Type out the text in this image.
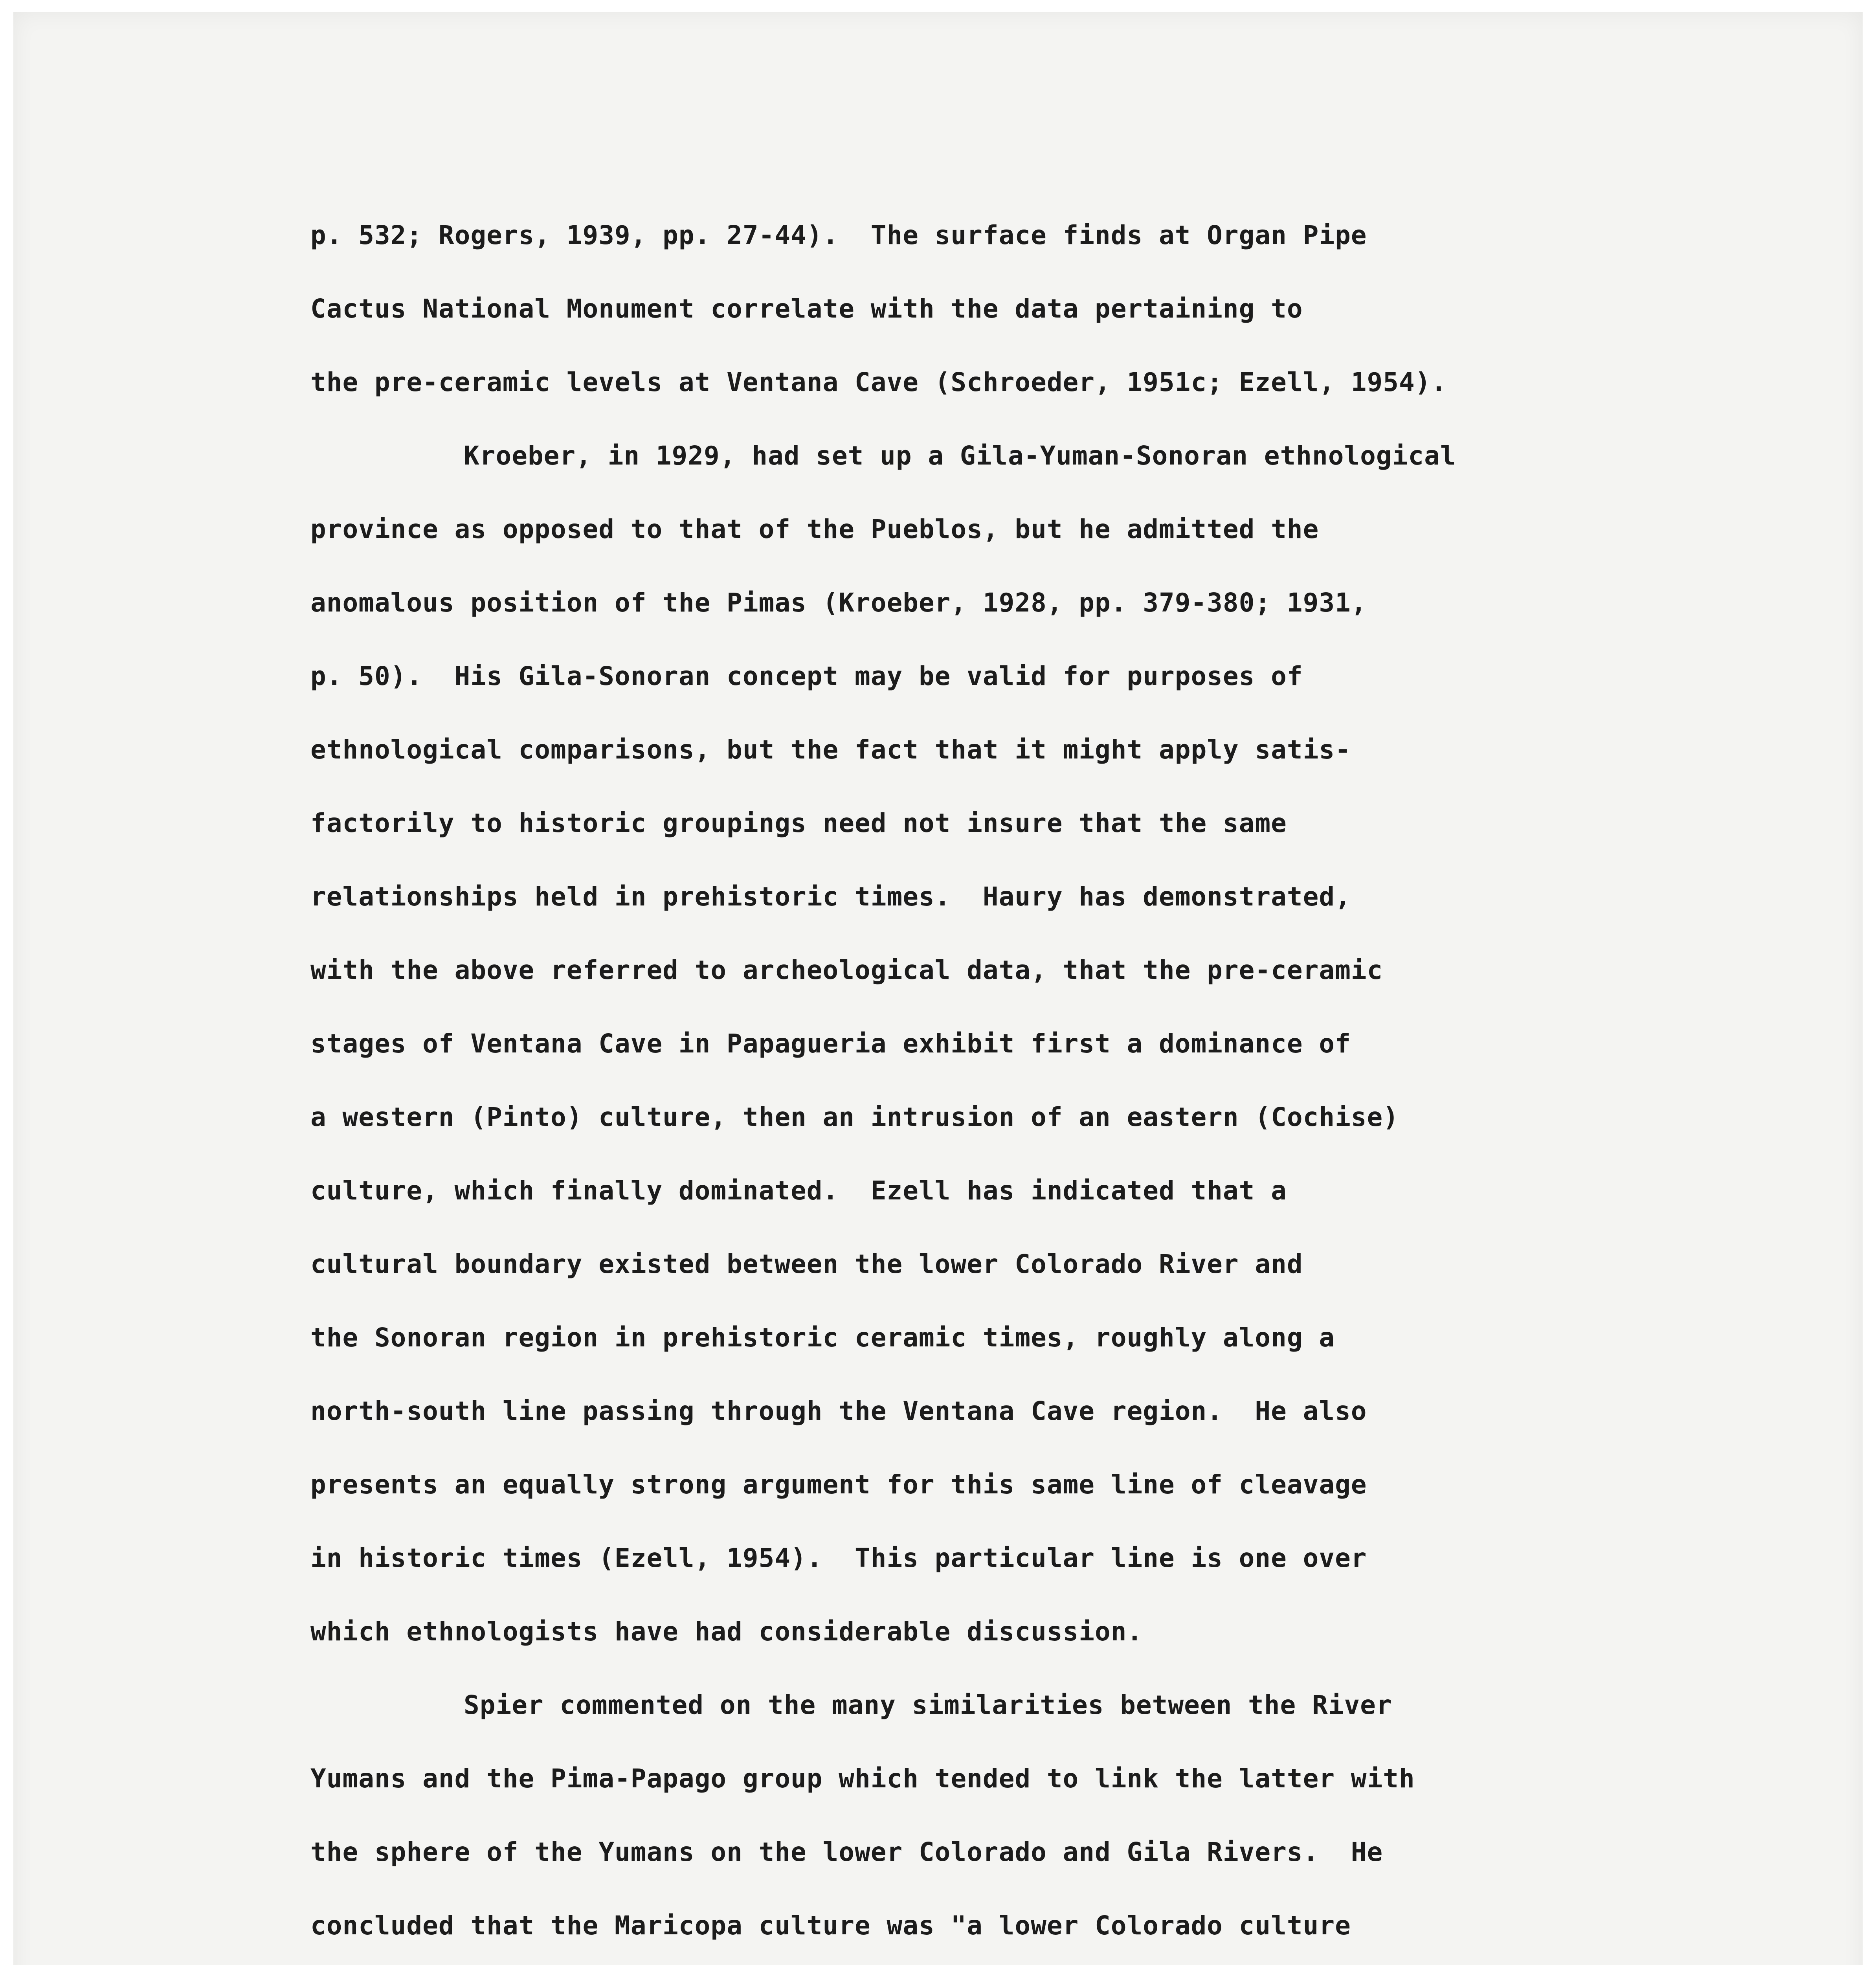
p. 532; Rogers, 1939, pp. 27-44).  The surface finds at Organ Pipe
Cactus National Monument correlate with the data pertaining to
the pre-ceramic levels at Ventana Cave (Schroeder, 1951c; Ezell, 1954).
Kroeber, in 1929, had set up a Gila-Yuman-Sonoran ethnological
province as opposed to that of the Pueblos, but he admitted the
anomalous position of the Pimas (Kroeber, 1928, pp. 379-380; 1931,
p. 50).  His Gila-Sonoran concept may be valid for purposes of
ethnological comparisons, but the fact that it might apply satis-
factorily to historic groupings need not insure that the same
relationships held in prehistoric times.  Haury has demonstrated,
with the above referred to archeological data, that the pre-ceramic
stages of Ventana Cave in Papagueria exhibit first a dominance of
a western (Pinto) culture, then an intrusion of an eastern (Cochise)
culture, which finally dominated.  Ezell has indicated that a
cultural boundary existed between the lower Colorado River and
the Sonoran region in prehistoric ceramic times, roughly along a
north-south line passing through the Ventana Cave region.  He also
presents an equally strong argument for this same line of cleavage
in historic times (Ezell, 1954).  This particular line is one over
which ethnologists have had considerable discussion.
Spier commented on the many similarities between the River
Yumans and the Pima-Papago group which tended to link the latter with
the sphere of the Yumans on the lower Colorado and Gila Rivers.  He
concluded that the Maricopa culture was "a lower Colorado culture
